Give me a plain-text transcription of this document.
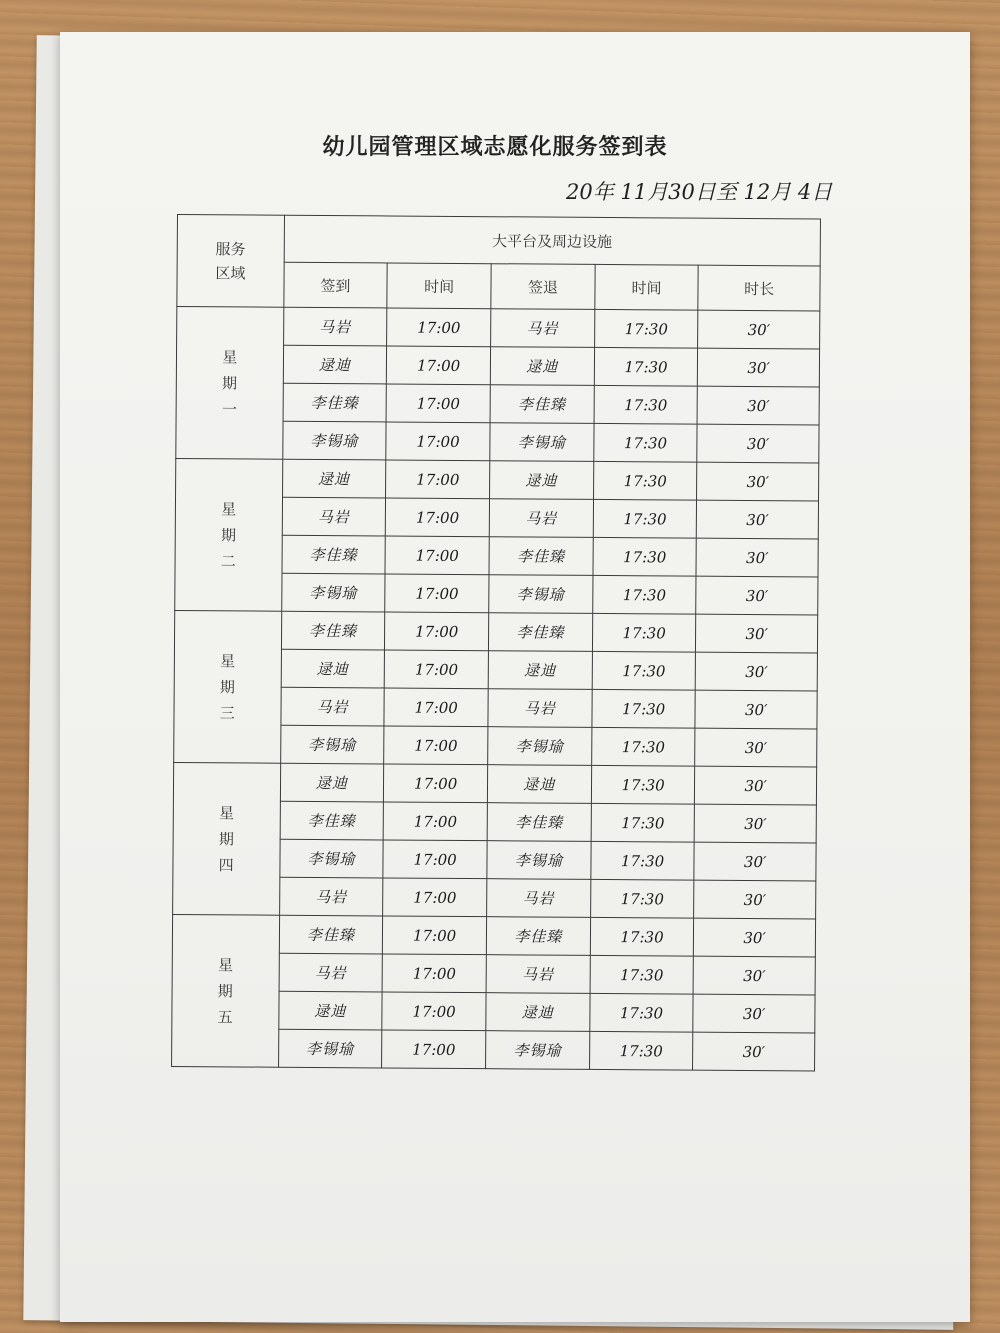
幼儿园管理区域志愿化服务签到表
20年 11月30日至 12月 4日
服务
区域	大平台及周边设施				
	签到	时间	签退	时间	时长

星
期
一	马岩	17:00	马岩	17:30	30′
	逯迪	17:00	逯迪	17:30	30′
	李佳臻	17:00	李佳臻	17:30	30′
	李锡瑜	17:00	李锡瑜	17:30	30′

星
期
二	逯迪	17:00	逯迪	17:30	30′
	马岩	17:00	马岩	17:30	30′
	李佳臻	17:00	李佳臻	17:30	30′
	李锡瑜	17:00	李锡瑜	17:30	30′

星
期
三	李佳臻	17:00	李佳臻	17:30	30′
	逯迪	17:00	逯迪	17:30	30′
	马岩	17:00	马岩	17:30	30′
	李锡瑜	17:00	李锡瑜	17:30	30′

星
期
四	逯迪	17:00	逯迪	17:30	30′
	李佳臻	17:00	李佳臻	17:30	30′
	李锡瑜	17:00	李锡瑜	17:30	30′
	马岩	17:00	马岩	17:30	30′

星
期
五	李佳臻	17:00	李佳臻	17:30	30′
	马岩	17:00	马岩	17:30	30′
	逯迪	17:00	逯迪	17:30	30′
	李锡瑜	17:00	李锡瑜	17:30	30′
